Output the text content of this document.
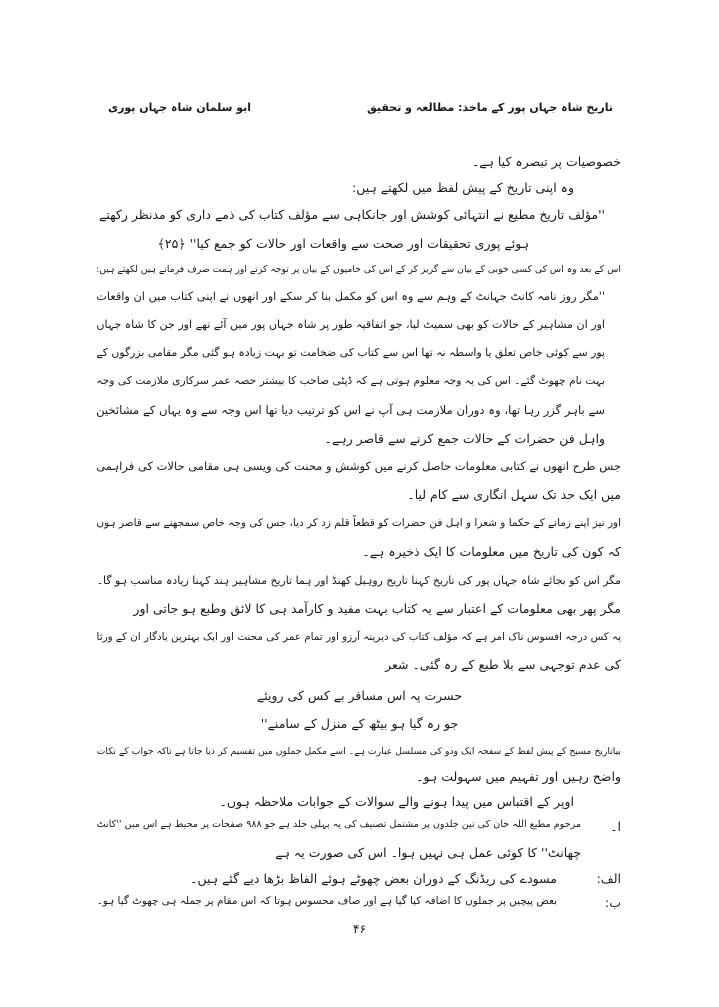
تاریخ شاہ جہاں پور کے ماخذ: مطالعہ و تحقیق
ابو سلمان شاہ جہاں پوری
خصوصیات پر تبصرہ کیا ہے۔
وہ اپنی تاریخ کے پیش لفظ میں لکھتے ہیں:
''مؤلف تاریخ مطیع نے انتہائی کوشش اور جانکاہی سے مؤلف کتاب کی ذمے داری کو مدنظر رکھتے
ہوئے پوری تحقیقات اور صحت سے واقعات اور حالات کو جمع کیا'' ﴿۲۵﴾
اس کے بعد وہ اس کی کسی خوبی کے بیان سے گریز کر کے اس کی خامیوں کے بیان پر توجہ کرتے اور ہمت صرف فرماتے ہیں لکھتے ہیں:
''مگر روز نامہ کانٹ جہانٹ کے وہم سے وہ اس کو مکمل بنا کر سکے اور انھوں نے اپنی کتاب میں ان واقعات
اور ان مشاہیر کے حالات کو بھی سمیٹ لیا، جو اتفاقیہ طور پر شاہ جہاں پور میں آئے تھے اور جن کا شاہ جہاں
پور سے کوئی خاص تعلق یا واسطہ نہ تھا اس سے کتاب کی ضخامت تو بہت زیادہ ہو گئی مگر مقامی بزرگوں کے
بہت نام چھوٹ گئے۔ اس کی یہ وجہ معلوم ہوتی ہے کہ ڈپٹی صاحب کا بیشتر حصہ عمر سرکاری ملازمت کی وجہ
سے باہر گزر رہا تھا، وہ دوران ملازمت ہی آپ نے اس کو ترتیب دیا تھا اس وجہ سے وہ یہاں کے مشائخین
واہل فن حضرات کے حالات جمع کرنے سے قاصر رہے۔
جس طرح انھوں نے کتابی معلومات حاصل کرنے میں کوشش و محنت کی ویسی ہی مقامی حالات کی فراہمی
میں ایک حد تک سہل انگاری سے کام لیا۔
اور نیز اپنے زمانے کے حکما و شعرا و اہل فن حضرات کو قطعاً قلم زد کر دیا، جس کی وجہ خاص سمجھنے سے قاصر ہوں
کہ کون کی تاریخ میں معلومات کا ایک ذخیرہ ہے۔
مگر اس کو بجائے شاہ جہاں پور کی تاریخ کہنا تاریخ روہیل کھنڈ اور ہما تاریخ مشاہیر ہند کہنا زیادہ مناسب ہو گا۔
مگر پھر بھی معلومات کے اعتبار سے یہ کتاب بہت مفید و کارآمد ہی کا لائق وطبع ہو جاتی اور
یہ کس درجہ افسوس ناک امر ہے کہ مؤلف کتاب کی دیرینہ آرزو اور تمام عمر کی محنت اور ایک بہترین یادگار ان کے ورثا
کی عدم توجہی سے بلا طبع کے رہ گئی۔ شعر
حسرت پہ اس مسافر بے کس کی رویئے
جو رہ گیا ہو بیٹھ کے منزل کے سامنے''
بیاتاریخ مسیح کے پیش لفظ کے سفحہ ایک ودو کی مسلسل عبارت ہے۔ اسے مکمل جملوں میں تقسیم کر دیا جاتا ہے تاکہ جواب کے نکات
واضح رہیں اور تفہیم میں سہولت ہو۔
اوپر کے اقتباس میں پیدا ہونے والے سوالات کے جوابات ملاحظہ ہوں۔
ا۔
مرحوم مطیع اللہ خان کی تین جلدوں پر مشتمل تصنیف کی یہ پہلی جلد ہے جو ۹۸۸ صفحات پر محیط ہے اس میں ''کانٹ
چھانٹ'' کا کوئی عمل ہی نہیں ہوا۔ اس کی صورت یہ ہے
الف:
مسودے کی ریڈنگ کے دوران بعض چھوٹے ہوئے الفاظ بڑھا دیے گئے ہیں۔
ب:
بعض پیچیں پر جملوں کا اضافہ کیا گیا ہے اور صاف محسوس ہوتا کہ اس مقام پر جملہ ہی چھوٹ گیا ہو۔
۴۶
